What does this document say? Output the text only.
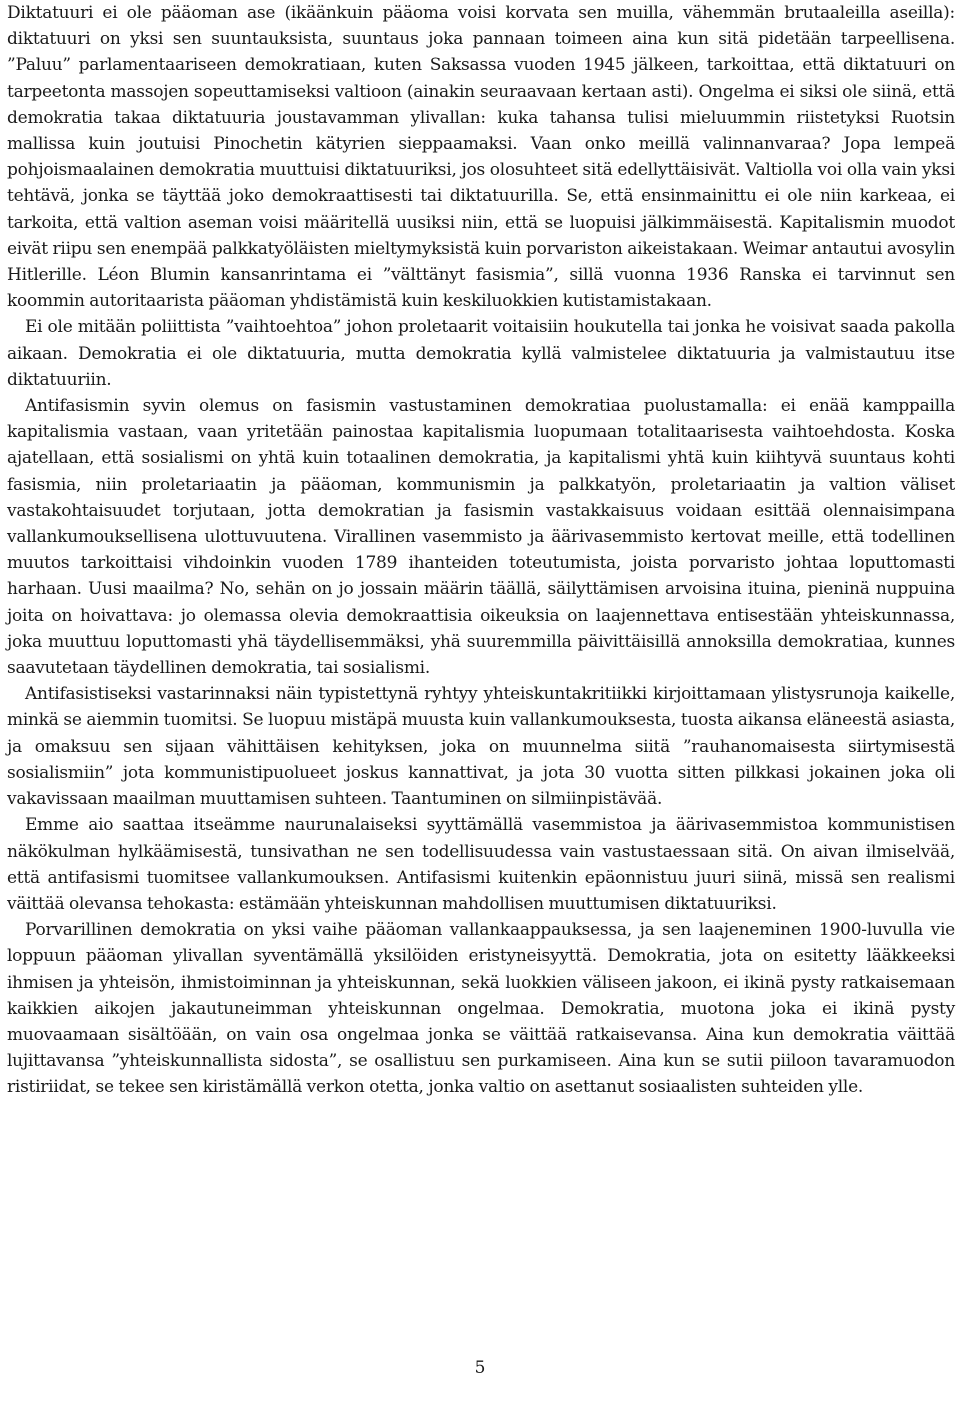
Diktatuuri ei ole pääoman ase (ikäänkuin pääoma voisi korvata sen muilla, vähemmän brutaaleilla aseilla): diktatuuri on yksi sen suuntauksista, suuntaus joka pannaan toimeen aina kun sitä pidetään tarpeellisena. ”Paluu” parlamentaariseen demokratiaan, kuten Saksassa vuoden 1945 jälkeen, tarkoittaa, että diktatuuri on tarpeetonta massojen sopeuttamiseksi valtioon (ainakin seuraavaan kertaan asti). Ongelma ei siksi ole siinä, että demokratia takaa diktatuuria joustavamman ylivallan: kuka tahansa tulisi mieluummin riistetyksi Ruotsin mallissa kuin joutuisi Pinochetin kätyrien sieppaamaksi. Vaan onko meillä valinnanvaraa? Jopa lempeä pohjoismaalainen demokratia muuttuisi diktatuuriksi, jos olosuhteet sitä edellyttäisivät. Valtiolla voi olla vain yksi tehtävä, jonka se täyttää joko demokraattisesti tai diktatuurilla. Se, että ensinmainittu ei ole niin karkeaa, ei tarkoita, että valtion aseman voisi määritellä uusiksi niin, että se luopuisi jälkimmäisestä. Kapitalismin muodot eivät riipu sen enempää palkkatyöläisten mieltymyksistä kuin porvariston aikeistakaan. Weimar antautui avosylin Hitlerille. Léon Blumin kansanrintama ei ”välttänyt fasismia”, sillä vuonna 1936 Ranska ei tarvinnut sen koommin autoritaarista pääoman yhdistämistä kuin keskiluokkien kutistamistakaan.

Ei ole mitään poliittista ”vaihtoehtoa” johon proletaarit voitaisiin houkutella tai jonka he voisivat saada pakolla aikaan. Demokratia ei ole diktatuuria, mutta demokratia kyllä valmistelee diktatuuria ja valmistautuu itse diktatuuriin.

Antifasismin syvin olemus on fasismin vastustaminen demokratiaa puolustamalla: ei enää kamppailla kapitalismia vastaan, vaan yritetään painostaa kapitalismia luopumaan totalitaarisesta vaihtoehdosta. Koska ajatellaan, että sosialismi on yhtä kuin totaalinen demokratia, ja kapitalismi yhtä kuin kiihtyvä suuntaus kohti fasismia, niin proletariaatin ja pääoman, kommunismin ja palkkatyön, proletariaatin ja valtion väliset vastakohtaisuudet torjutaan, jotta demokratian ja fasismin vastakkaisuus voidaan esittää olennaisimpana vallankumouksellisena ulottuvuutena. Virallinen vasemmisto ja äärivasemmisto kertovat meille, että todellinen muutos tarkoittaisi vihdoinkin vuoden 1789 ihanteiden toteutumista, joista porvaristo johtaa loputtomasti harhaan. Uusi maailma? No, sehän on jo jossain määrin täällä, säilyttämisen arvoisina ituina, pieninä nuppuina joita on hoivattava: jo olemassa olevia demokraattisia oikeuksia on laajennettava entisestään yhteiskunnassa, joka muuttuu loputtomasti yhä täydellisemmäksi, yhä suuremmilla päivittäisillä annoksilla demokratiaa, kunnes saavutetaan täydellinen demokratia, tai sosialismi.

Antifasistiseksi vastarinnaksi näin typistettynä ryhtyy yhteiskuntakritiikki kirjoittamaan ylistysrunoja kaikelle, minkä se aiemmin tuomitsi. Se luopuu mistäpä muusta kuin vallankumouksesta, tuosta aikansa eläneestä asiasta, ja omaksuu sen sijaan vähittäisen kehityksen, joka on muunnelma siitä ”rauhanomaisesta siirtymisestä sosialismiin” jota kommunistipuolueet joskus kannattivat, ja jota 30 vuotta sitten pilkkasi jokainen joka oli vakavissaan maailman muuttamisen suhteen. Taantuminen on silmiinpistävää.

Emme aio saattaa itseämme naurunalaiseksi syyttämällä vasemmistoa ja äärivasemmistoa kommunistisen näkökulman hylkäämisestä, tunsivathan ne sen todellisuudessa vain vastustaessaan sitä. On aivan ilmiselvää, että antifasismi tuomitsee vallankumouksen. Antifasismi kuitenkin epäonnistuu juuri siinä, missä sen realismi väittää olevansa tehokasta: estämään yhteiskunnan mahdollisen muuttumisen diktatuuriksi.

Porvarillinen demokratia on yksi vaihe pääoman vallankaappauksessa, ja sen laajeneminen 1900-luvulla vie loppuun pääoman ylivallan syventämällä yksilöiden eristyneisyyttä. Demokratia, jota on esitetty lääkkeeksi ihmisen ja yhteisön, ihmistoiminnan ja yhteiskunnan, sekä luokkien väliseen jakoon, ei ikinä pysty ratkaisemaan kaikkien aikojen jakautuneimman yhteiskunnan ongelmaa. Demokratia, muotona joka ei ikinä pysty muovaamaan sisältöään, on vain osa ongelmaa jonka se väittää ratkaisevansa. Aina kun demokratia väittää lujittavansa ”yhteiskunnallista sidosta”, se osallistuu sen purkamiseen. Aina kun se sutii piiloon tavaramuodon ristiriidat, se tekee sen kiristämällä verkon otetta, jonka valtio on asettanut sosiaalisten suhteiden ylle.

5
